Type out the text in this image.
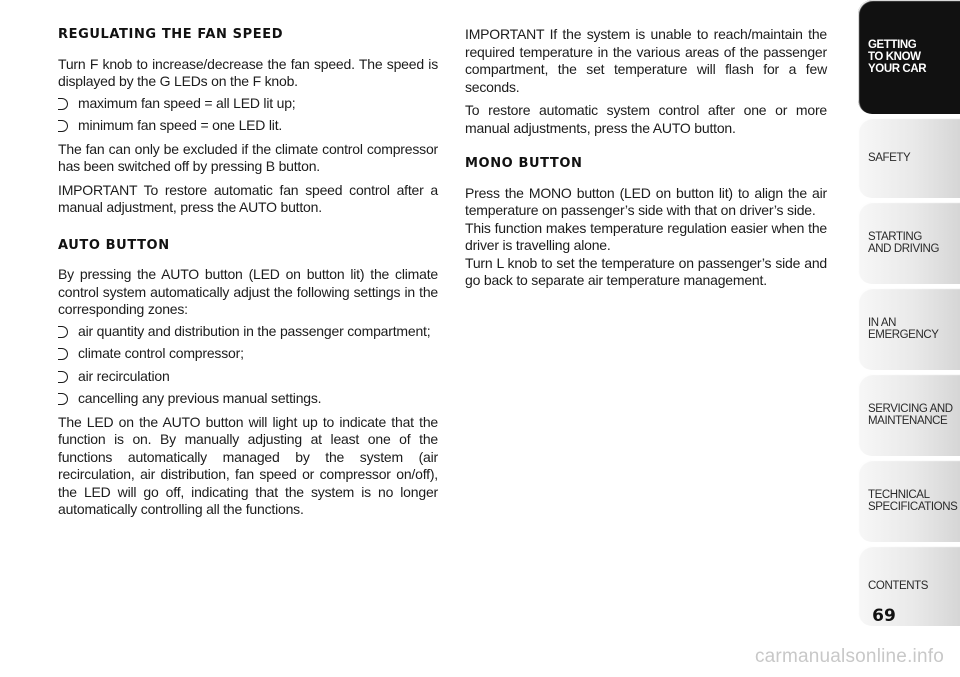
REGULATING THE FAN SPEED

Turn F knob to increase/decrease the fan speed. The speed is displayed by the G LEDs on the F knob.

maximum fan speed = all LED lit up;
minimum fan speed = one LED lit.

The fan can only be excluded if the climate control compressor has been switched off by pressing B button.

IMPORTANT To restore automatic fan speed control after a manual adjustment, press the AUTO button.

AUTO BUTTON

By pressing the AUTO button (LED on button lit) the climate control system automatically adjust the following settings in the corresponding zones:

air quantity and distribution in the passenger compartment;
climate control compressor;
air recirculation
cancelling any previous manual settings.

The LED on the AUTO button will light up to indicate that the function is on. By manually adjusting at least one of the functions automatically managed by the system (air recirculation, air distribution, fan speed or compressor on/off), the LED will go off, indicating that the system is no longer automatically controlling all the functions.

IMPORTANT If the system is unable to reach/maintain the required temperature in the various areas of the passenger compartment, the set temperature will flash for a few seconds.

To restore automatic system control after one or more manual adjustments, press the AUTO button.

MONO BUTTON

Press the MONO button (LED on button lit) to align the air temperature on passenger’s side with that on driver’s side.

This function makes temperature regulation easier when the driver is travelling alone.

Turn L knob to set the temperature on passenger’s side and go back to separate air temperature management.

GETTING
TO KNOW
YOUR CAR
SAFETY
STARTING
AND DRIVING
IN AN
EMERGENCY
SERVICING AND
MAINTENANCE
TECHNICAL
SPECIFICATIONS
CONTENTS
69
carmanualsonline.info
